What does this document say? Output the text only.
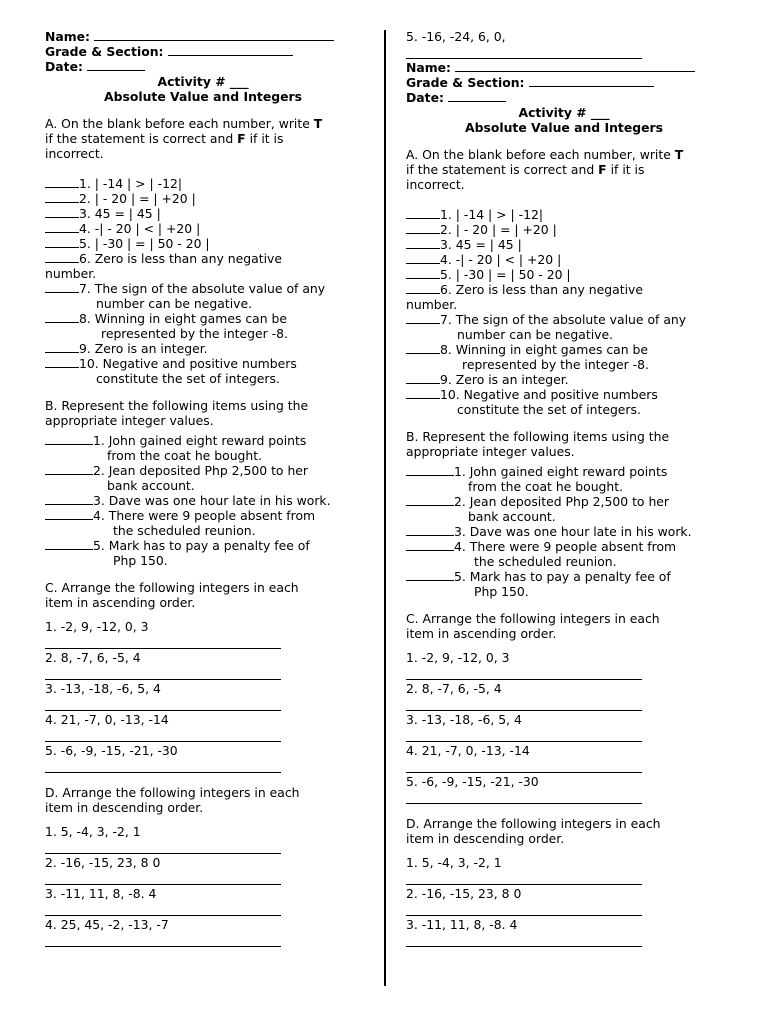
Name:
Grade & Section:
Date:
Activity # ___
Absolute Value and Integers
A. On the blank before each number, write T
if the statement is correct and F if it is
incorrect.
1. | -14 | > | -12|
2. | - 20 | = | +20 |
3. 45 = | 45 |
4. -| - 20 | < | +20 |
5. | -30 | = | 50 - 20 |
6. Zero is less than any negative
number.
7. The sign of the absolute value of any
number can be negative.
8. Winning in eight games can be
represented by the integer -8.
9. Zero is an integer.
10. Negative and positive numbers
constitute the set of integers.
B. Represent the following items using the
appropriate integer values.
1. John gained eight reward points
from the coat he bought.
2. Jean deposited Php 2,500 to her
bank account.
3. Dave was one hour late in his work.
4. There were 9 people absent from
the scheduled reunion.
5. Mark has to pay a penalty fee of
Php 150.
C. Arrange the following integers in each
item in ascending order.
1. -2, 9, -12, 0, 3
2. 8, -7, 6, -5, 4
3. -13, -18, -6, 5, 4
4. 21, -7, 0, -13, -14
5. -6, -9, -15, -21, -30
D. Arrange the following integers in each
item in descending order.
1. 5, -4, 3, -2, 1
2. -16, -15, 23, 8 0
3. -11, 11, 8, -8. 4
4. 25, 45, -2, -13, -7
5. -16, -24, 6, 0,
Name:
Grade & Section:
Date:
Activity # ___
Absolute Value and Integers
A. On the blank before each number, write T
if the statement is correct and F if it is
incorrect.
1. | -14 | > | -12|
2. | - 20 | = | +20 |
3. 45 = | 45 |
4. -| - 20 | < | +20 |
5. | -30 | = | 50 - 20 |
6. Zero is less than any negative
number.
7. The sign of the absolute value of any
number can be negative.
8. Winning in eight games can be
represented by the integer -8.
9. Zero is an integer.
10. Negative and positive numbers
constitute the set of integers.
B. Represent the following items using the
appropriate integer values.
1. John gained eight reward points
from the coat he bought.
2. Jean deposited Php 2,500 to her
bank account.
3. Dave was one hour late in his work.
4. There were 9 people absent from
the scheduled reunion.
5. Mark has to pay a penalty fee of
Php 150.
C. Arrange the following integers in each
item in ascending order.
1. -2, 9, -12, 0, 3
2. 8, -7, 6, -5, 4
3. -13, -18, -6, 5, 4
4. 21, -7, 0, -13, -14
5. -6, -9, -15, -21, -30
D. Arrange the following integers in each
item in descending order.
1. 5, -4, 3, -2, 1
2. -16, -15, 23, 8 0
3. -11, 11, 8, -8. 4
